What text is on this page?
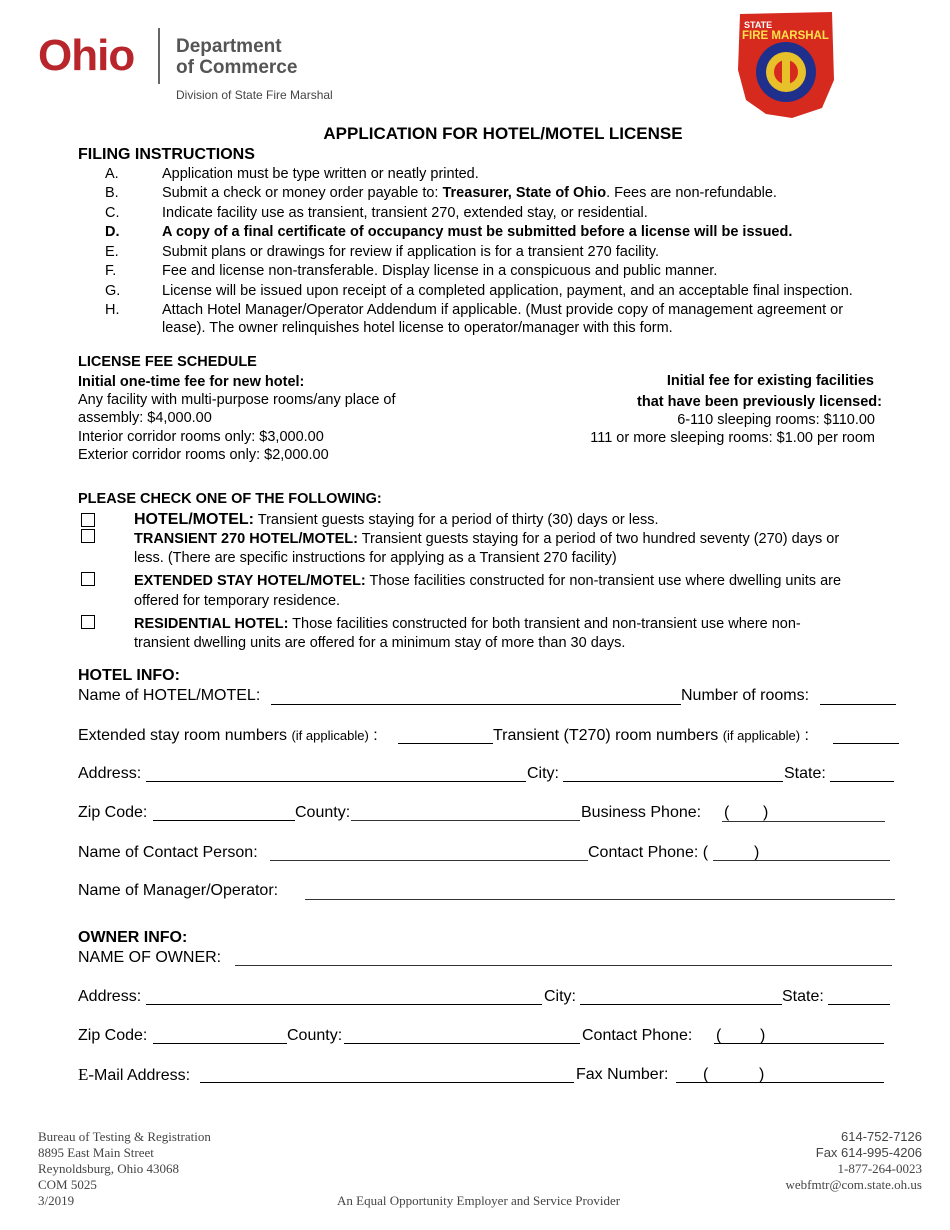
Ohio Department
of Commerce
Division of State Fire Marshal
STATE
FIRE MARSHAL
APPLICATION FOR HOTEL/MOTEL LICENSE
FILING INSTRUCTIONS
A.	Application must be type written or neatly printed.
B.	Submit a check or money order payable to: Treasurer, State of Ohio. Fees are non-refundable.
C.	Indicate facility use as transient, transient 270, extended stay, or residential.
D.	A copy of a final certificate of occupancy must be submitted before a license will be issued.
E.	Submit plans or drawings for review if application is for a transient 270 facility.
F.	Fee and license non-transferable. Display license in a conspicuous and public manner.
G.	License will be issued upon receipt of a completed application, payment, and an acceptable final inspection.
H.	Attach Hotel Manager/Operator Addendum if applicable. (Must provide copy of management agreement or
lease). The owner relinquishes hotel license to operator/manager with this form.
LICENSE FEE SCHEDULE
Initial one-time fee for new hotel:
Any facility with multi-purpose rooms/any place of
assembly: $4,000.00
Interior corridor rooms only: $3,000.00
Exterior corridor rooms only: $2,000.00
Initial fee for existing facilities
that have been previously licensed:
6-110 sleeping rooms: $110.00
111 or more sleeping rooms: $1.00 per room
PLEASE CHECK ONE OF THE FOLLOWING:
HOTEL/MOTEL: Transient guests staying for a period of thirty (30) days or less.
TRANSIENT 270 HOTEL/MOTEL: Transient guests staying for a period of two hundred seventy (270) days or
less. (There are specific instructions for applying as a Transient 270 facility)
EXTENDED STAY HOTEL/MOTEL: Those facilities constructed for non-transient use where dwelling units are
offered for temporary residence.
RESIDENTIAL HOTEL: Those facilities constructed for both transient and non-transient use where non-
transient dwelling units are offered for a minimum stay of more than 30 days.
HOTEL INFO:
Name of HOTEL/MOTEL:	Number of rooms:
Extended stay room numbers (if applicable) :	Transient (T270) room numbers (if applicable) :
Address:	City:	State:
Zip Code:	County:	Business Phone: ( )
Name of Contact Person:	Contact Phone: (	)
Name of Manager/Operator:
OWNER INFO:
NAME OF OWNER:
Address:	City:	State:
Zip Code:	County:	Contact Phone: ( )
E-Mail Address:	Fax Number: (	)
Bureau of Testing & Registration
8895 East Main Street
Reynoldsburg, Ohio 43068
COM 5025
3/2019	An Equal Opportunity Employer and Service Provider
614-752-7126
Fax 614-995-4206
1-877-264-0023
webfmtr@com.state.oh.us
